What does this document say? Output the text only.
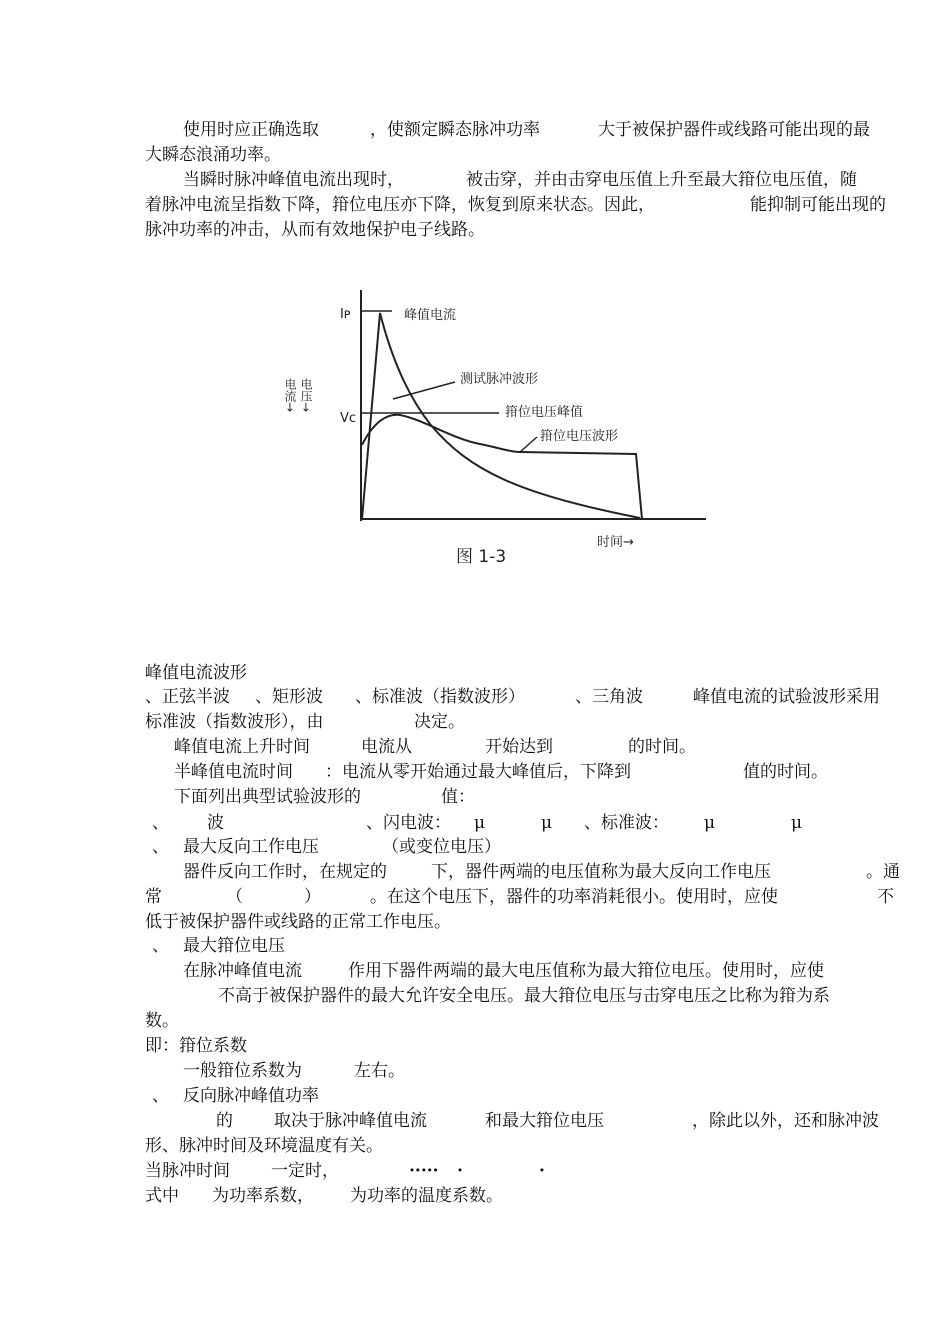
使用时应正确选取	，使额定瞬态脉冲功率	大于被保护器件或线路可能出现的最
大瞬态浪涌功率。
当瞬时脉冲峰值电流出现时，	被击穿，并由击穿电压值上升至最大箝位电压值，随
着脉冲电流呈指数下降，箝位电压亦下降，恢复到原来状态。因此，	能抑制可能出现的
脉冲功率的冲击，从而有效地保护电子线路。
Iᴘ
Vc
电流→ 电压→
峰值电流
测试脉冲波形
箝位电压峰值
箝位电压波形
时间→
图 1-3
峰值电流波形
、正弦半波 、矩形波 、标准波（指数波形）	、三角波	峰值电流的试验波形采用
标准波（指数波形），由	决定。
峰值电流上升时间	电流从	开始达到	的时间。
半峰值电流时间 ：电流从零开始通过最大峰值后，下降到	值的时间。
下面列出典型试验波形的	值：
、 波	、闪电波： μ	μ 、标准波： μ	μ
、 最大反向工作电压	（或变位电压）
器件反向工作时，在规定的	下，器件两端的电压值称为最大反向工作电压	。通
常	（	）	。在这个电压下，器件的功率消耗很小。使用时，应使	不
低于被保护器件或线路的正常工作电压。
、 最大箝位电压
在脉冲峰值电流	作用下器件两端的最大电压值称为最大箝位电压。使用时，应使
不高于被保护器件的最大允许安全电压。最大箝位电压与击穿电压之比称为箝为系
数。
即：箝位系数
一般箝位系数为	左右。
、 反向脉冲峰值功率
的 取决于脉冲峰值电流	和最大箝位电压	，除此以外，还和脉冲波
形、脉冲时间及环境温度有关。
当脉冲时间 一定时，	····· ·	·
式中 为功率系数， 为功率的温度系数。
